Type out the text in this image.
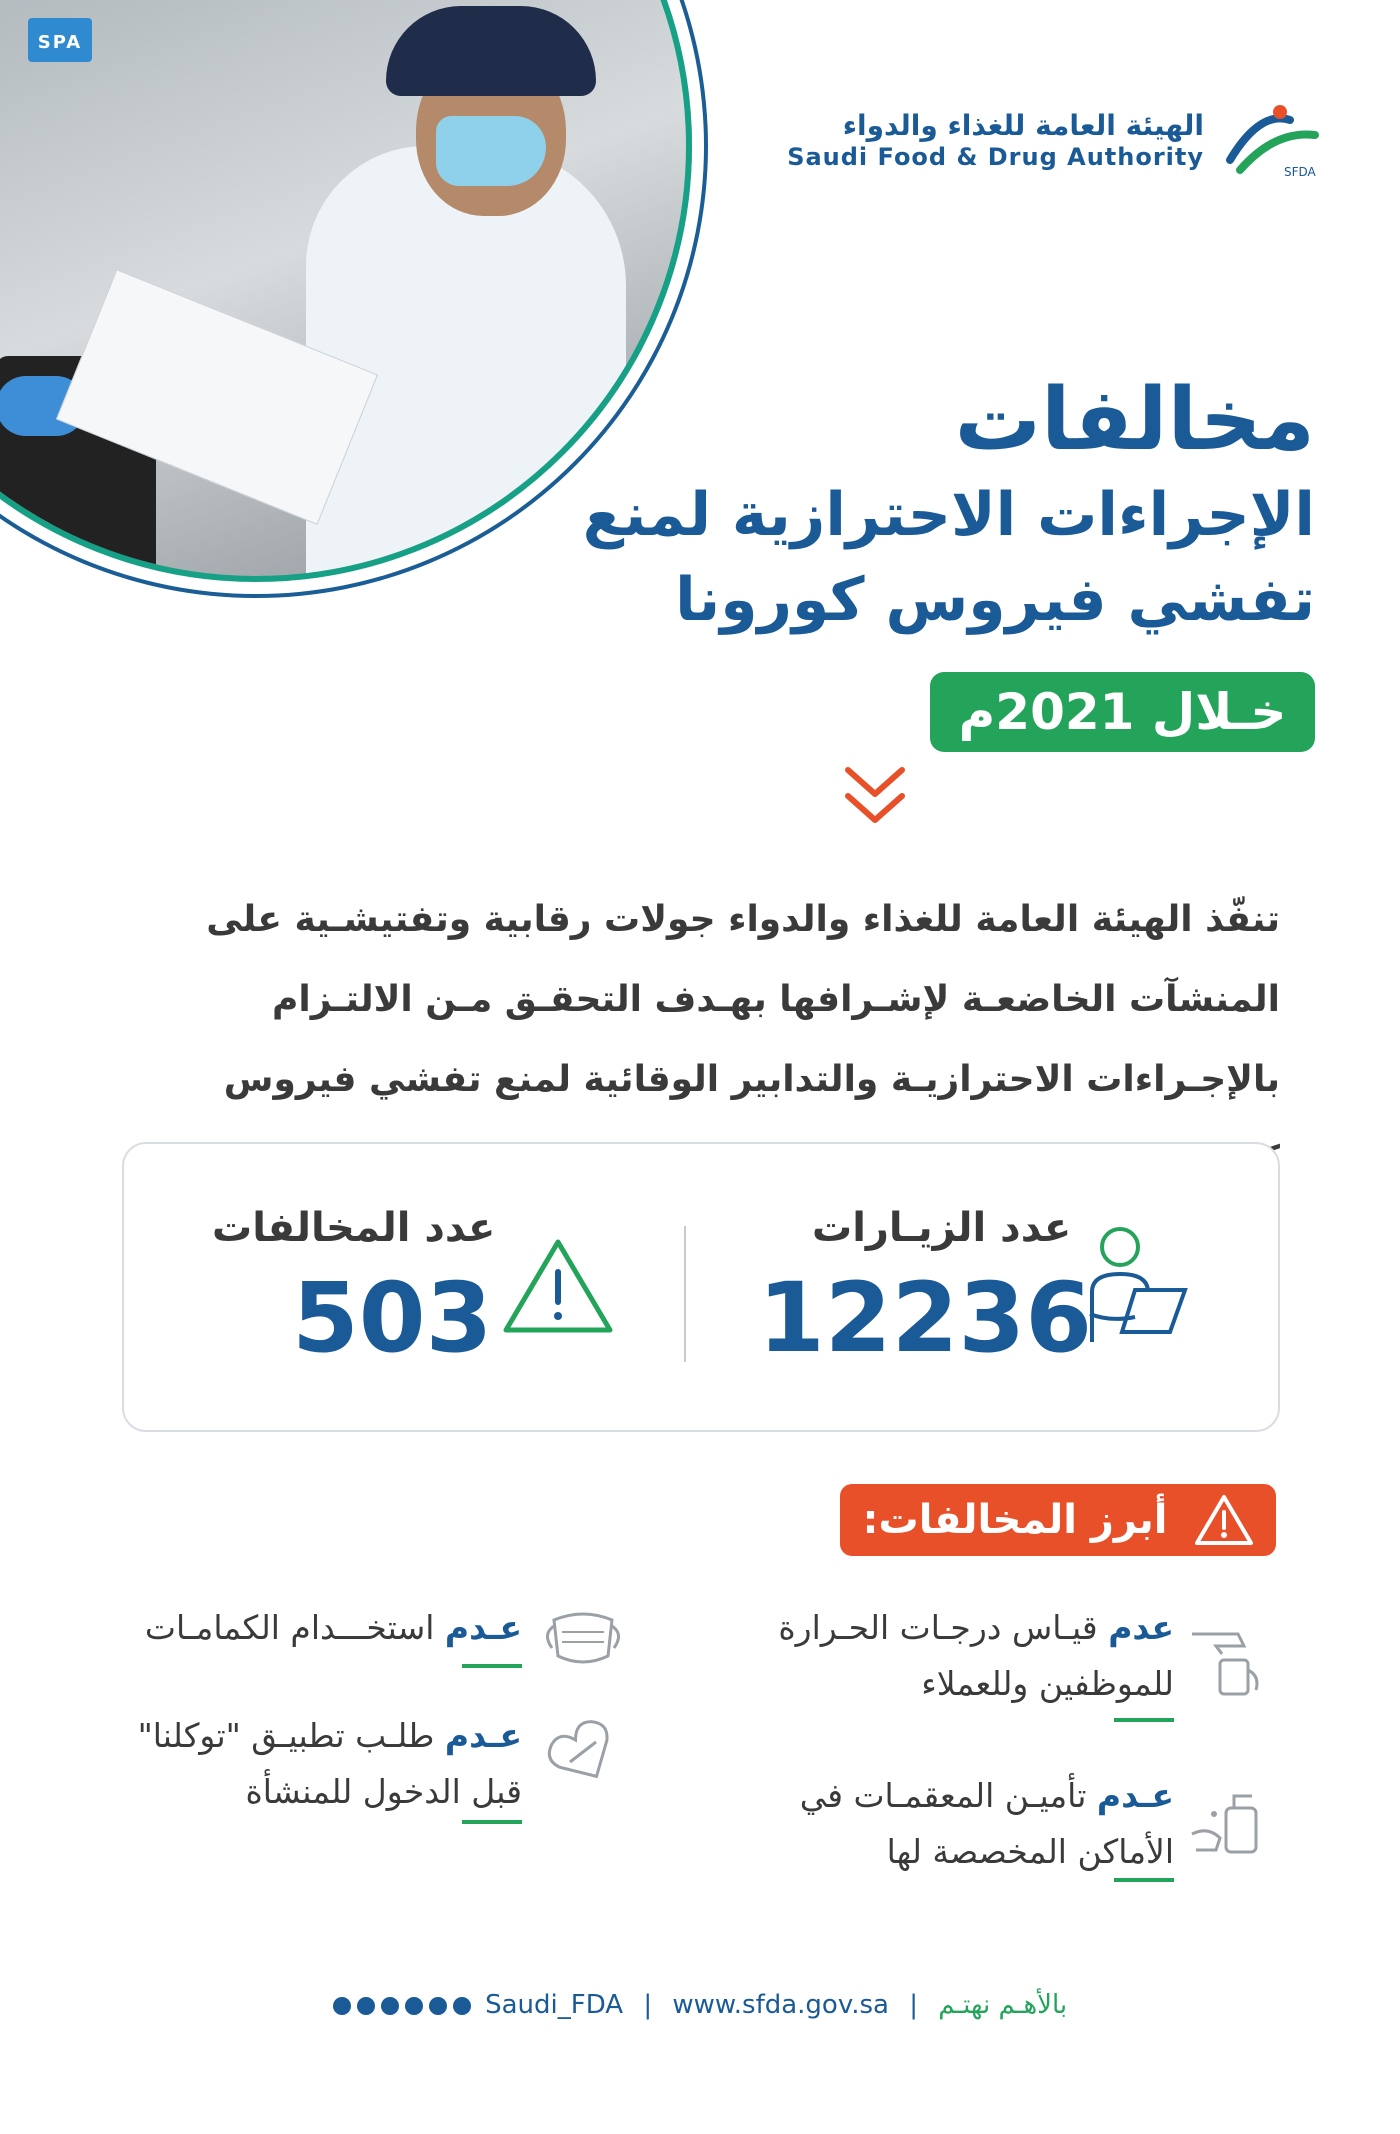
SPA
الهيئة العامة للغذاء والدواء
Saudi Food & Drug Authority
SFDA
مخالفات
الإجراءات الاحترازية لمنع
تفشي فيروس كورونا
خـلال 2021م
تنفّذ الهيئة العامة للغذاء والدواء جولات رقابية وتفتيشـية على المنشآت الخاضعـة لإشـرافها بهـدف التحقـق مـن الالتـزام بالإجـراءات الاحترازيـة والتدابير الوقائية لمنع تفشي فيروس
عدد الزيـارات
12236
عدد المخالفات
503
أبرز المخالفات:
عدم قيـاس درجـات الحـرارة
للموظفين وللعملاء
عـدم استخـــدام الكمامـات
عـدم تأميـن المعقمـات في
الأماكن المخصصة لها
عـدم طلـب تطبيـق "توكلنا"
قبل الدخول للمنشأة
Saudi_FDA | www.sfda.gov.sa | بالأهـم نهتـم
